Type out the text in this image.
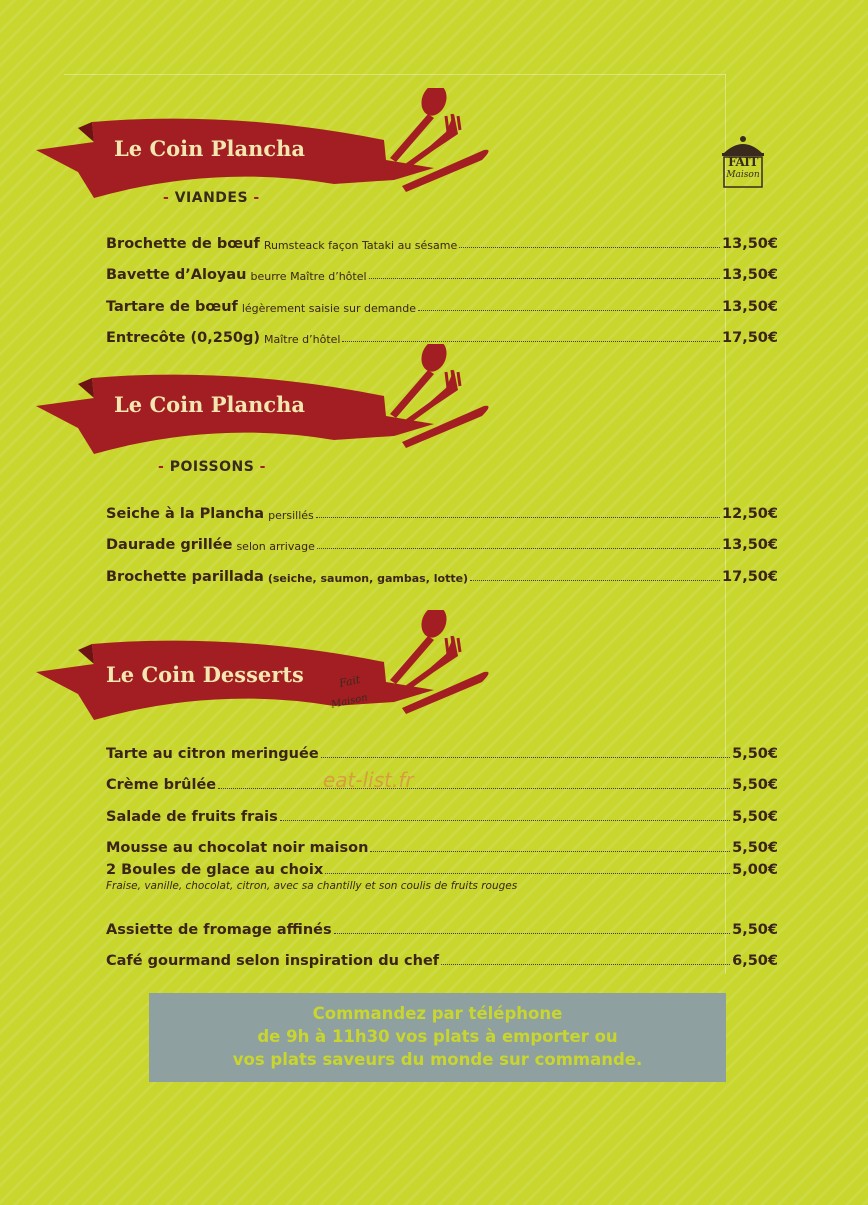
FAIT
Maison
Le Coin Plancha
- VIANDES -
Brochette de bœuf Rumsteack façon Tataki au sésame	13,50€
Bavette d’Aloyau beurre Maître d’hôtel	13,50€
Tartare de bœuf légèrement saisie sur demande	13,50€
Entrecôte (0,250g) Maître d’hôtel	17,50€
Le Coin Plancha
- POISSONS -
Seiche à la Plancha persillés	12,50€
Daurade grillée selon arrivage	13,50€
Brochette parillada (seiche, saumon, gambas, lotte)	17,50€
Le Coin Desserts	Fait
Maison
Tarte au citron meringuée	5,50€
Crème brûlée	5,50€
Salade de fruits frais	5,50€
Mousse au chocolat noir maison	5,50€
2 Boules de glace au choix	5,00€
Fraise, vanille, chocolat, citron, avec sa chantilly et son coulis de fruits rouges
Assiette de fromage affinés	5,50€
Café gourmand selon inspiration du chef	6,50€
eat-list.fr
Commandez par téléphone
de 9h à 11h30 vos plats à emporter ou
vos plats saveurs du monde sur commande.
